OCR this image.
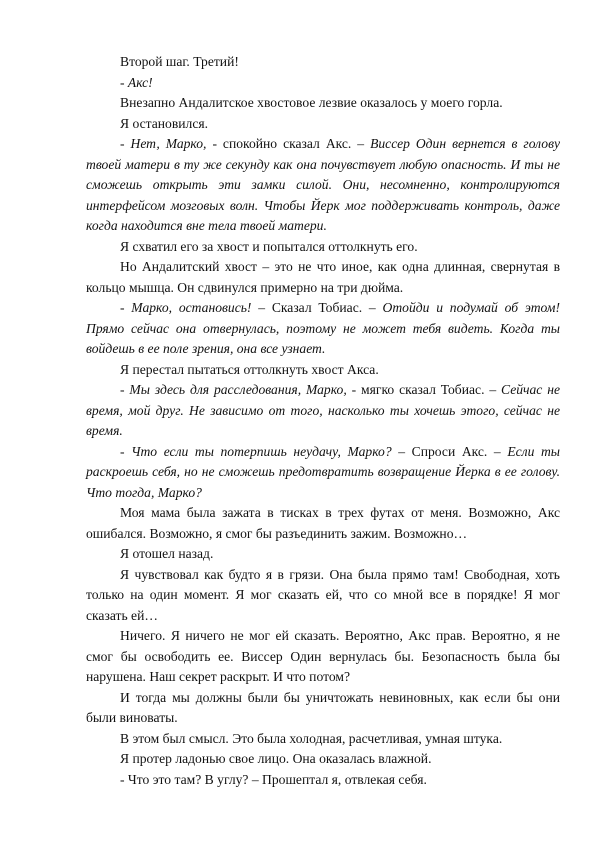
Второй шаг. Третий!

- Акс!

Внезапно Андалитское хвостовое лезвие оказалось у моего горла.

Я остановился.

- Нет, Марко, - спокойно сказал Акс. – Виссер Один вернется в голову твоей матери в ту же секунду как она почувствует любую опасность. И ты не сможешь открыть эти замки силой. Они, несомненно, контролируются интерфейсом мозговых волн. Чтобы Йерк мог поддерживать контроль, даже когда находится вне тела твоей матери.

Я схватил его за хвост и попытался оттолкнуть его.

Но Андалитский хвост – это не что иное, как одна длинная, свернутая в кольцо мышца. Он сдвинулся примерно на три дюйма.

- Марко, остановись! – Сказал Тобиас. – Отойди и подумай об этом! Прямо сейчас она отвернулась, поэтому не может тебя видеть. Когда ты войдешь в ее поле зрения, она все узнает.

Я перестал пытаться оттолкнуть хвост Акса.

- Мы здесь для расследования, Марко, - мягко сказал Тобиас. – Сейчас не время, мой друг. Не зависимо от того, насколько ты хочешь этого, сейчас не время.

- Что если ты потерпишь неудачу, Марко? – Спроси Акс. – Если ты раскроешь себя, но не сможешь предотвратить возвращение Йерка в ее голову. Что тогда, Марко?

Моя мама была зажата в тисках в трех футах от меня. Возможно, Акс ошибался. Возможно, я смог бы разъединить зажим. Возможно…

Я отошел назад.

Я чувствовал как будто я в грязи. Она была прямо там! Свободная, хоть только на один момент. Я мог сказать ей, что со мной все в порядке! Я мог сказать ей…

Ничего. Я ничего не мог ей сказать. Вероятно, Акс прав. Вероятно, я не смог бы освободить ее. Виссер Один вернулась бы. Безопасность была бы нарушена. Наш секрет раскрыт. И что потом?

И тогда мы должны были бы уничтожать невиновных, как если бы они были виноваты.

В этом был смысл. Это была холодная, расчетливая, умная штука.

Я протер ладонью свое лицо. Она оказалась влажной.

- Что это там? В углу? – Прошептал я, отвлекая себя.
